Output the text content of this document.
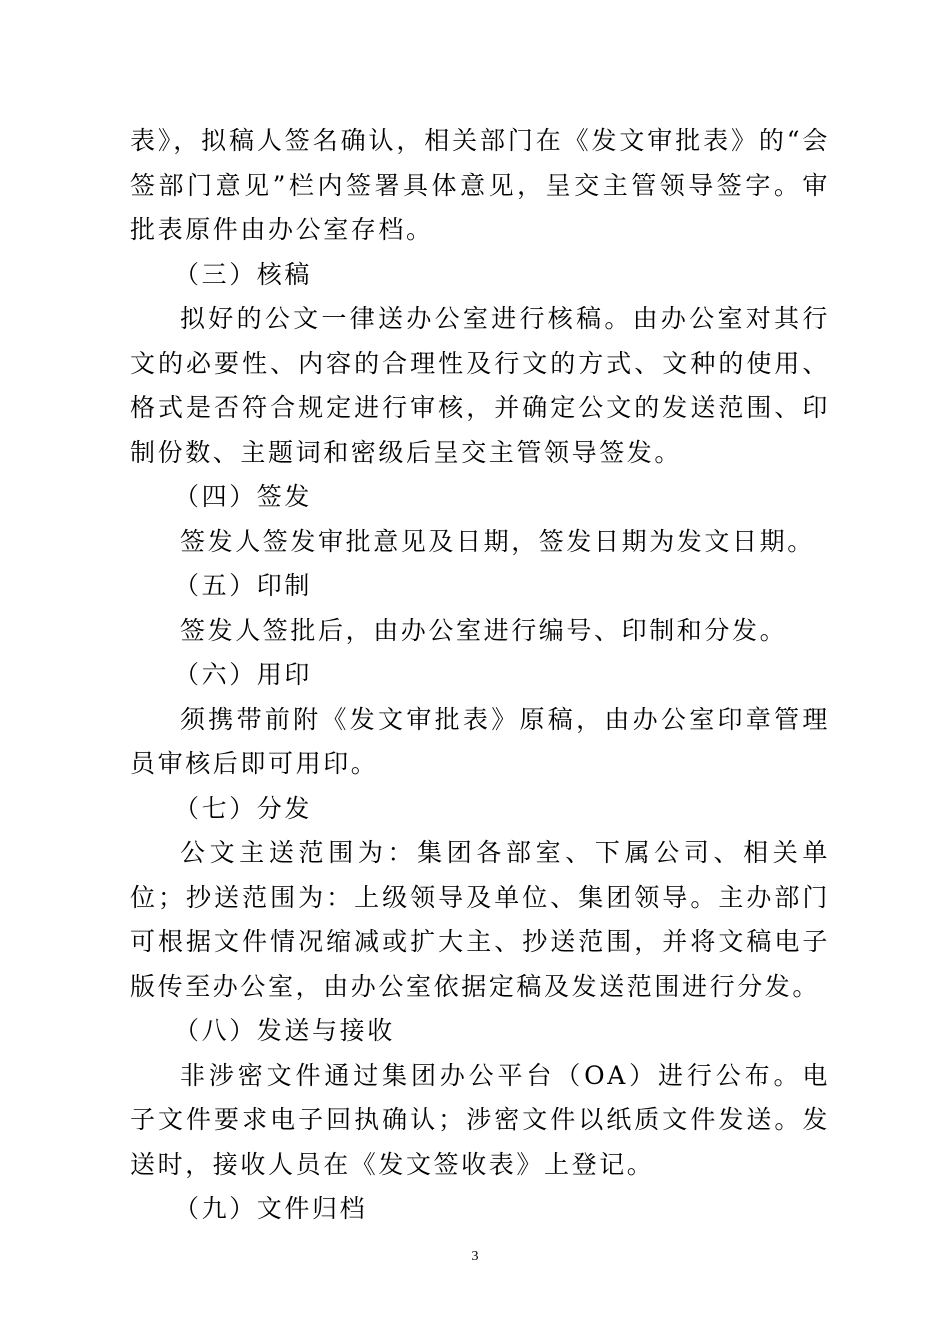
表》，拟稿人签名确认，相关部门在《发文审批表》的“会签部门意见”栏内签署具体意见，呈交主管领导签字。审批表原件由办公室存档。

（三）核稿

拟好的公文一律送办公室进行核稿。由办公室对其行文的必要性、内容的合理性及行文的方式、文种的使用、格式是否符合规定进行审核，并确定公文的发送范围、印制份数、主题词和密级后呈交主管领导签发。

（四）签发

签发人签发审批意见及日期，签发日期为发文日期。

（五）印制

签发人签批后，由办公室进行编号、印制和分发。

（六）用印

须携带前附《发文审批表》原稿，由办公室印章管理员审核后即可用印。

（七）分发

公文主送范围为：集团各部室、下属公司、相关单位；抄送范围为：上级领导及单位、集团领导。主办部门可根据文件情况缩减或扩大主、抄送范围，并将文稿电子版传至办公室，由办公室依据定稿及发送范围进行分发。

（八）发送与接收

非涉密文件通过集团办公平台（OA）进行公布。电子文件要求电子回执确认；涉密文件以纸质文件发送。发送时，接收人员在《发文签收表》上登记。

（九）文件归档

3
